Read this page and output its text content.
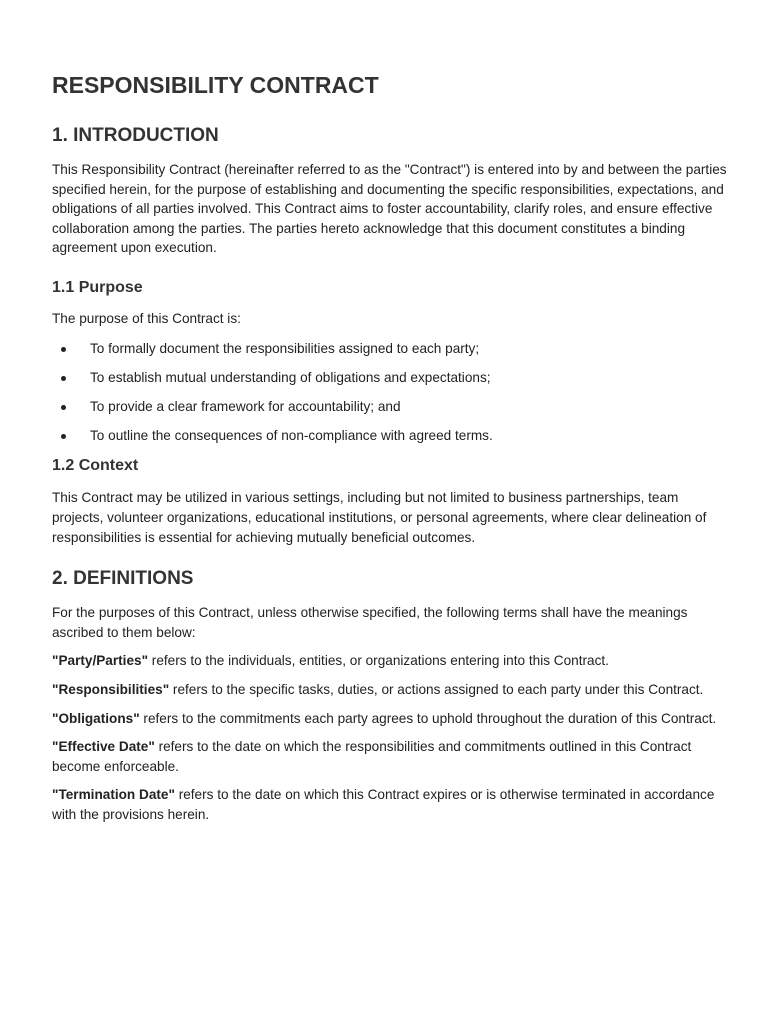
RESPONSIBILITY CONTRACT
1. INTRODUCTION

This Responsibility Contract (hereinafter referred to as the "Contract") is entered into by and between the parties specified herein, for the purpose of establishing and documenting the specific responsibilities, expectations, and obligations of all parties involved. This Contract aims to foster accountability, clarify roles, and ensure effective collaboration among the parties. The parties hereto acknowledge that this document constitutes a binding agreement upon execution.

1.1 Purpose

The purpose of this Contract is:

To formally document the responsibilities assigned to each party;
To establish mutual understanding of obligations and expectations;
To provide a clear framework for accountability; and
To outline the consequences of non-compliance with agreed terms.
1.2 Context

This Contract may be utilized in various settings, including but not limited to business partnerships, team projects, volunteer organizations, educational institutions, or personal agreements, where clear delineation of responsibilities is essential for achieving mutually beneficial outcomes.

2. DEFINITIONS

For the purposes of this Contract, unless otherwise specified, the following terms shall have the meanings ascribed to them below:

"Party/Parties" refers to the individuals, entities, or organizations entering into this Contract.

"Responsibilities" refers to the specific tasks, duties, or actions assigned to each party under this Contract.

"Obligations" refers to the commitments each party agrees to uphold throughout the duration of this Contract.

"Effective Date" refers to the date on which the responsibilities and commitments outlined in this Contract become enforceable.

"Termination Date" refers to the date on which this Contract expires or is otherwise terminated in accordance with the provisions herein.
